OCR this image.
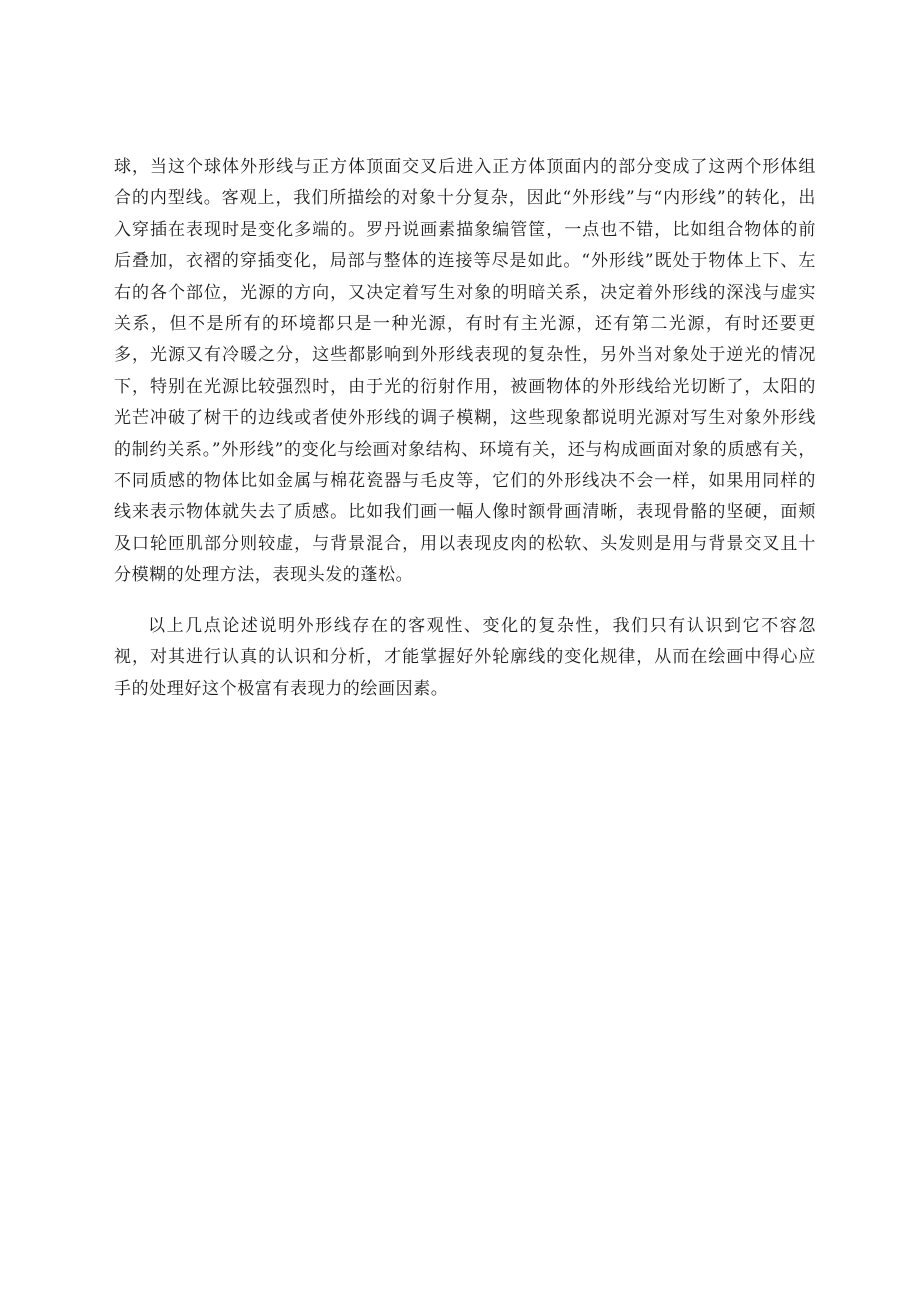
球，当这个球体外形线与正方体顶面交叉后进入正方体顶面内的部分变成了这两个形体组合的内型线。客观上，我们所描绘的对象十分复杂，因此“外形线”与“内形线”的转化，出入穿插在表现时是变化多端的。罗丹说画素描象编管筐，一点也不错，比如组合物体的前后叠加，衣褶的穿插变化，局部与整体的连接等尽是如此。“外形线”既处于物体上下、左右的各个部位，光源的方向，又决定着写生对象的明暗关系，决定着外形线的深浅与虚实关系，但不是所有的环境都只是一种光源，有时有主光源，还有第二光源，有时还要更多，光源又有冷暖之分，这些都影响到外形线表现的复杂性，另外当对象处于逆光的情况下，特别在光源比较强烈时，由于光的衍射作用，被画物体的外形线给光切断了，太阳的光芒冲破了树干的边线或者使外形线的调子模糊，这些现象都说明光源对写生对象外形线的制约关系。”外形线”的变化与绘画对象结构、环境有关，还与构成画面对象的质感有关，不同质感的物体比如金属与棉花瓷器与毛皮等，它们的外形线决不会一样，如果用同样的线来表示物体就失去了质感。比如我们画一幅人像时额骨画清晰，表现骨骼的坚硬，面颊及口轮匝肌部分则较虚，与背景混合，用以表现皮肉的松软、头发则是用与背景交叉且十分模糊的处理方法，表现头发的蓬松。

以上几点论述说明外形线存在的客观性、变化的复杂性，我们只有认识到它不容忽视，对其进行认真的认识和分析，才能掌握好外轮廓线的变化规律，从而在绘画中得心应手的处理好这个极富有表现力的绘画因素。
